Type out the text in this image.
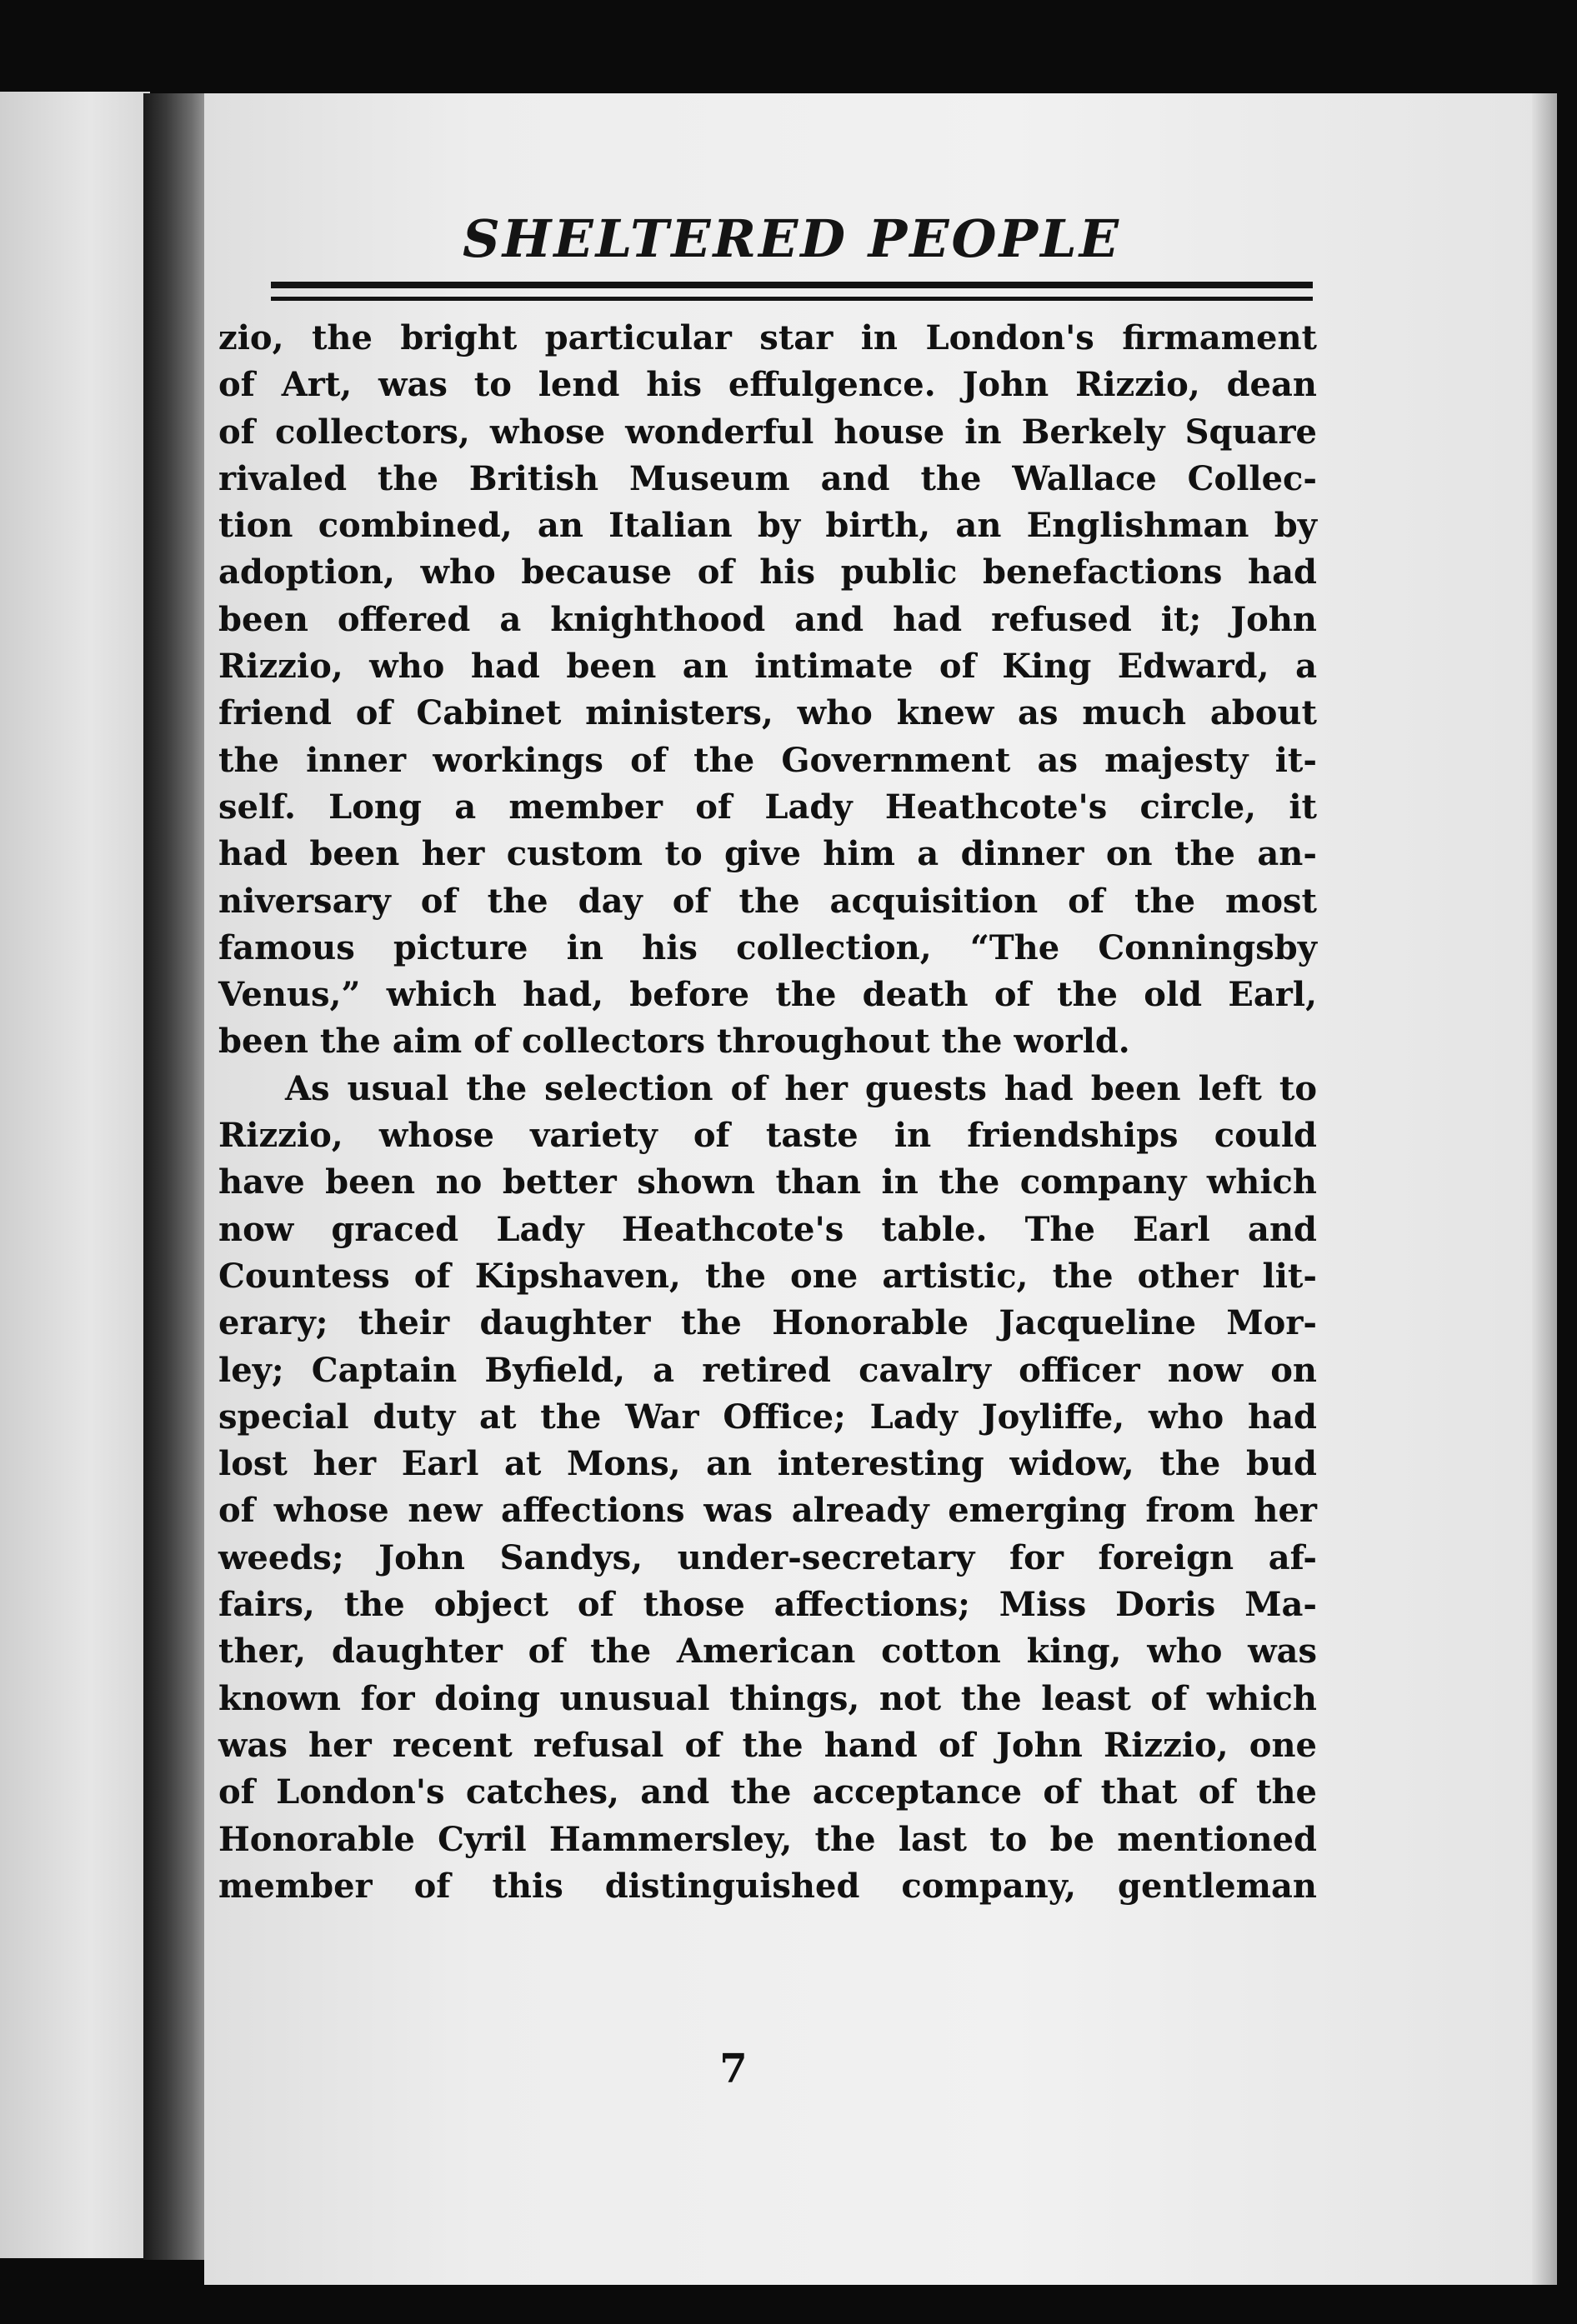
SHELTERED PEOPLE

zio, the bright particular star in London's firmament
of Art, was to lend his effulgence. John Rizzio, dean
of collectors, whose wonderful house in Berkely Square
rivaled the British Museum and the Wallace Collec-
tion combined, an Italian by birth, an Englishman by
adoption, who because of his public benefactions had
been offered a knighthood and had refused it; John
Rizzio, who had been an intimate of King Edward, a
friend of Cabinet ministers, who knew as much about
the inner workings of the Government as majesty it-
self. Long a member of Lady Heathcote's circle, it
had been her custom to give him a dinner on the an-
niversary of the day of the acquisition of the most
famous picture in his collection, “The Conningsby
Venus,” which had, before the death of the old Earl,
been the aim of collectors throughout the world.

As usual the selection of her guests had been left to
Rizzio, whose variety of taste in friendships could
have been no better shown than in the company which
now graced Lady Heathcote's table. The Earl and
Countess of Kipshaven, the one artistic, the other lit-
erary; their daughter the Honorable Jacqueline Mor-
ley; Captain Byfield, a retired cavalry officer now on
special duty at the War Office; Lady Joyliffe, who had
lost her Earl at Mons, an interesting widow, the bud
of whose new affections was already emerging from her
weeds; John Sandys, under-secretary for foreign af-
fairs, the object of those affections; Miss Doris Ma-
ther, daughter of the American cotton king, who was
known for doing unusual things, not the least of which
was her recent refusal of the hand of John Rizzio, one
of London's catches, and the acceptance of that of the
Honorable Cyril Hammersley, the last to be mentioned
member of this distinguished company, gentleman

7
